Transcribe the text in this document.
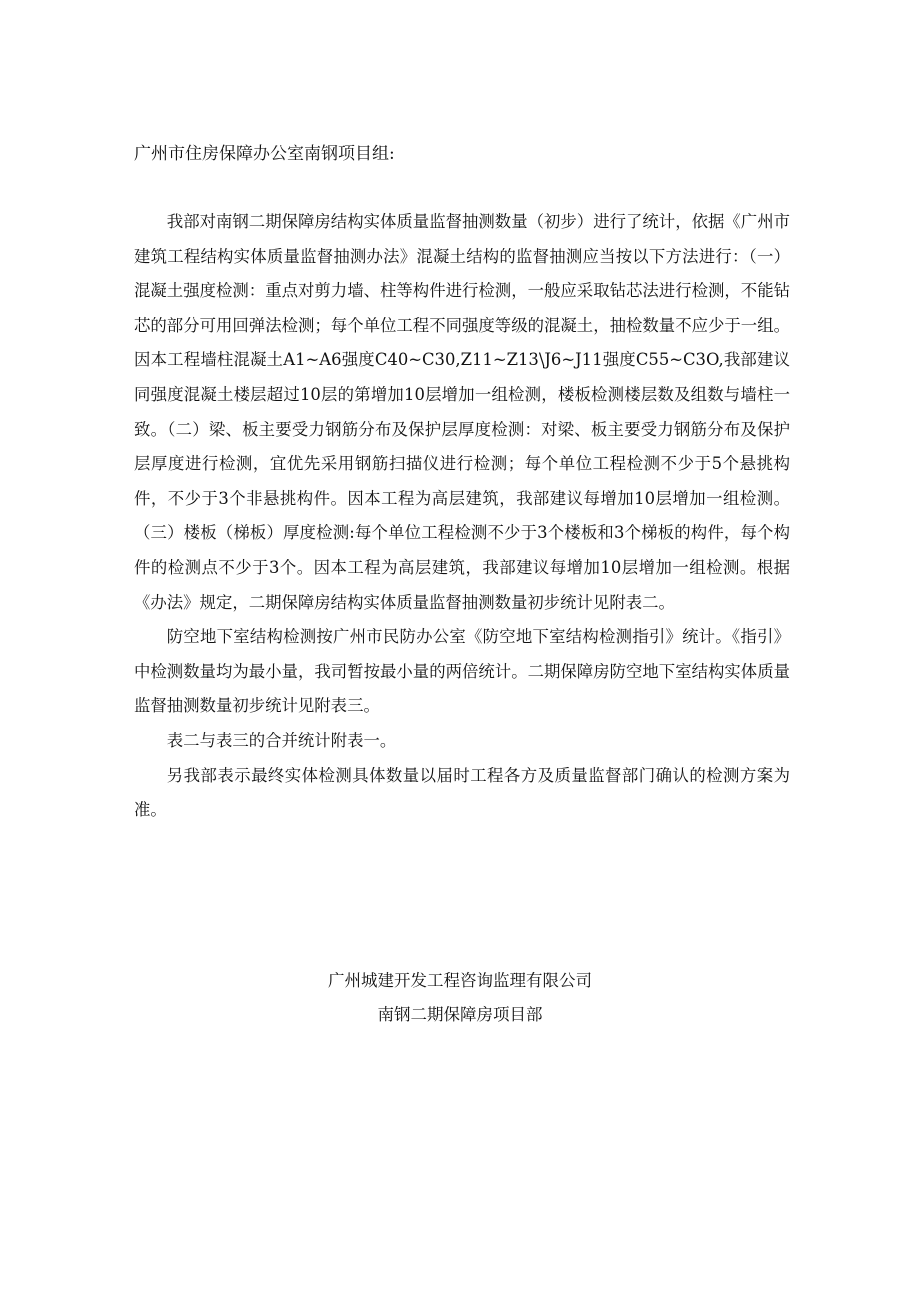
广州市住房保障办公室南钢项目组:

我部对南钢二期保障房结构实体质量监督抽测数量（初步）进行了统计，依据《广州市建筑工程结构实体质量监督抽测办法》混凝土结构的监督抽测应当按以下方法进行：（一）混凝土强度检测：重点对剪力墙、柱等构件进行检测，一般应采取钻芯法进行检测，不能钻芯的部分可用回弹法检测；每个单位工程不同强度等级的混凝土，抽检数量不应少于一组。因本工程墙柱混凝土A1~A6强度C40~C30,Z11~Z13\J6~J11强度C55~C3O,我部建议同强度混凝土楼层超过10层的第增加10层增加一组检测，楼板检测楼层数及组数与墙柱一致。（二）梁、板主要受力钢筋分布及保护层厚度检测：对梁、板主要受力钢筋分布及保护层厚度进行检测，宜优先采用钢筋扫描仪进行检测；每个单位工程检测不少于5个悬挑构件，不少于3个非悬挑构件。因本工程为高层建筑，我部建议每增加10层增加一组检测。（三）楼板（梯板）厚度检测:每个单位工程检测不少于3个楼板和3个梯板的构件，每个构件的检测点不少于3个。因本工程为高层建筑，我部建议每增加10层增加一组检测。根据《办法》规定，二期保障房结构实体质量监督抽测数量初步统计见附表二。

防空地下室结构检测按广州市民防办公室《防空地下室结构检测指引》统计。《指引》中检测数量均为最小量，我司暂按最小量的两倍统计。二期保障房防空地下室结构实体质量监督抽测数量初步统计见附表三。

表二与表三的合并统计附表一。

另我部表示最终实体检测具体数量以届时工程各方及质量监督部门确认的检测方案为准。

广州城建开发工程咨询监理有限公司
南钢二期保障房项目部
